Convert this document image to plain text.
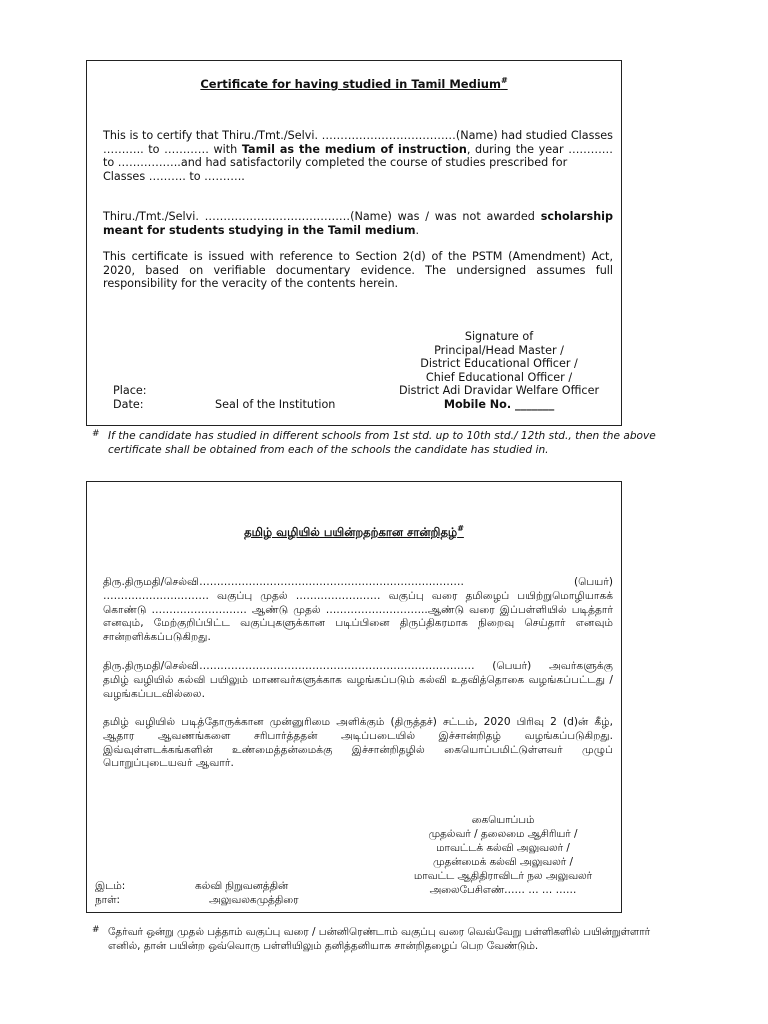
Certificate for having studied in Tamil Medium#
This is to certify that Thiru./Tmt./Selvi. ………………………………(Name) had studied Classes ……….. to ………… with Tamil as the medium of instruction, during the year ………… to ……………..and had satisfactorily completed the course of studies prescribed for
Classes ………. to ………..
Thiru./Tmt./Selvi. …………………………………(Name) was / was not awarded scholarship meant for students studying in the Tamil medium.
This certificate is issued with reference to Section 2(d) of the PSTM (Amendment) Act, 2020, based on verifiable documentary evidence. The undersigned assumes full responsibility for the veracity of the contents herein.
Signature of
Principal/Head Master /
District Educational Officer /
Chief Educational Officer /
District Adi Dravidar Welfare Officer
Mobile No. _______
Place:
Date:	Seal of the Institution
# If the candidate has studied in different schools from 1st std. up to 10th std./ 12th std., then the above certificate shall be obtained from each of the schools the candidate has studied in.
தமிழ் வழியில் பயின்றதற்கான சான்றிதழ்#
திரு.திருமதி/செல்வி………………………………………………………………… (பெயர்) ………………………… வகுப்பு முதல் …………………… வகுப்பு வரை தமிழைப் பயிற்றுமொழியாகக் கொண்டு ……………………… ஆண்டு முதல் ………………………..ஆண்டு வரை இப்பள்ளியில் படித்தார் எனவும், மேற்குறிப்பிட்ட வகுப்புகளுக்கான படிப்பினை திருப்திகரமாக நிறைவு செய்தார் எனவும் சான்றளிக்கப்படுகிறது.
திரு.திருமதி/செல்வி…………………………………………………………………… (பெயர்) அவர்களுக்கு தமிழ் வழியில் கல்வி பயிலும் மாணவர்களுக்காக வழங்கப்படும் கல்வி உதவித்தொகை வழங்கப்பட்டது / வழங்கப்படவில்லை.
தமிழ் வழியில் படித்தோருக்கான முன்னுரிமை அளிக்கும் (திருத்தச்) சட்டம், 2020 பிரிவு 2 (d)ன் கீழ், ஆதார ஆவணங்களை சரிபார்த்ததன் அடிப்படையில் இச்சான்றிதழ் வழங்கப்படுகிறது. இவ்வுள்ளடக்கங்களின் உண்மைத்தன்மைக்கு இச்சான்றிதழில் கையொப்பமிட்டுள்ளவர் முழுப் பொறுப்புடையவர் ஆவார்.
கையொப்பம்
முதல்வர் / தலைமை ஆசிரியர் /
மாவட்டக் கல்வி அலுவலர் /
முதன்மைக் கல்வி அலுவலர் /
மாவட்ட ஆதிதிராவிடர் நல அலுவலர்
அலைபேசிஎண்…… … … ……
இடம்:
நாள்:
கல்வி நிறுவனத்தின்
அலுவலகமுத்திரை
# தேர்வர் ஒன்று முதல் பத்தாம் வகுப்பு வரை / பன்னிரெண்டாம் வகுப்பு வரை வெவ்வேறு பள்ளிகளில் பயின்றுள்ளார் எனில், தான் பயின்ற ஒவ்வொரு பள்ளியிலும் தனித்தனியாக சான்றிதழைப் பெற வேண்டும்.
